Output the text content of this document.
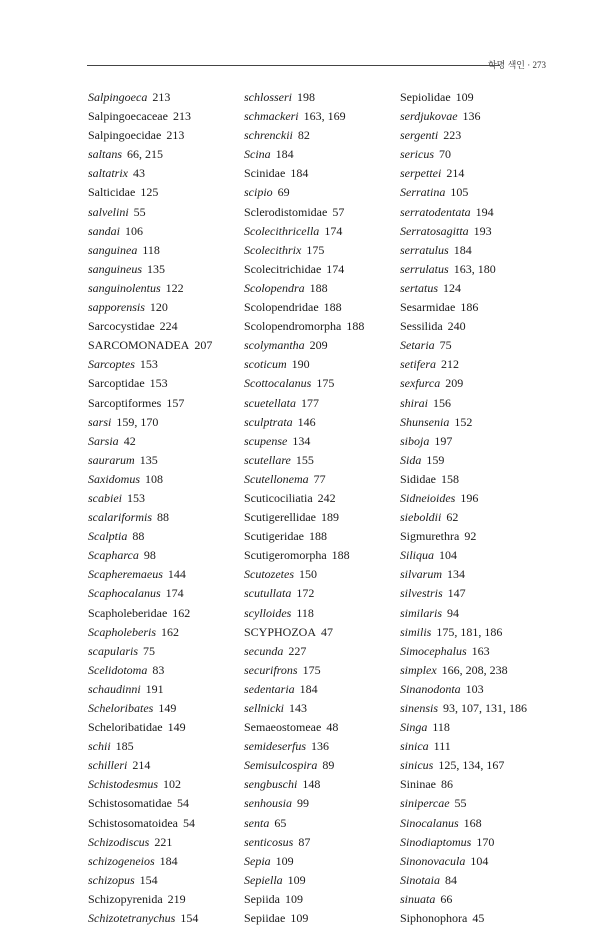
학명 색인 · 273
Salpingoeca 213
Salpingoecaceae 213
Salpingoecidae 213
saltans 66, 215
saltatrix 43
Salticidae 125
salvelini 55
sandai 106
sanguinea 118
sanguineus 135
sanguinolentus 122
sapporensis 120
Sarcocystidae 224
SARCOMONADEA 207
Sarcoptes 153
Sarcoptidae 153
Sarcoptiformes 157
sarsi 159, 170
Sarsia 42
saurarum 135
Saxidomus 108
scabiei 153
scalariformis 88
Scalptia 88
Scapharca 98
Scapheremaeus 144
Scaphocalanus 174
Scapholeberidae 162
Scapholeberis 162
scapularis 75
Scelidotoma 83
schaudinni 191
Scheloribates 149
Scheloribatidae 149
schii 185
schilleri 214
Schistodesmus 102
Schistosomatidae 54
Schistosomatoidea 54
Schizodiscus 221
schizogeneios 184
schizopus 154
Schizopyrenida 219
Schizotetranychus 154
schlosseri 198
schmackeri 163, 169
schrenckii 82
Scina 184
Scinidae 184
scipio 69
Sclerodistomidae 57
Scolecithricella 174
Scolecithrix 175
Scolecitrichidae 174
Scolopendra 188
Scolopendridae 188
Scolopendromorpha 188
scolymantha 209
scoticum 190
Scottocalanus 175
scuetellata 177
sculptrata 146
scupense 134
scutellare 155
Scutellonema 77
Scuticociliatia 242
Scutigerellidae 189
Scutigeridae 188
Scutigeromorpha 188
Scutozetes 150
scutullata 172
scylloides 118
SCYPHOZOA 47
secunda 227
securifrons 175
sedentaria 184
sellnicki 143
Semaeostomeae 48
semideserfus 136
Semisulcospira 89
sengbuschi 148
senhousia 99
senta 65
senticosus 87
Sepia 109
Sepiella 109
Sepiida 109
Sepiidae 109
Sepiolidae 109
serdjukovae 136
sergenti 223
sericus 70
serpettei 214
Serratina 105
serratodentata 194
Serratosagitta 193
serratulus 184
serrulatus 163, 180
sertatus 124
Sesarmidae 186
Sessilida 240
Setaria 75
setifera 212
sexfurca 209
shirai 156
Shunsenia 152
siboja 197
Sida 159
Sididae 158
Sidneioides 196
sieboldii 62
Sigmurethra 92
Siliqua 104
silvarum 134
silvestris 147
similaris 94
similis 175, 181, 186
Simocephalus 163
simplex 166, 208, 238
Sinanodonta 103
sinensis 93, 107, 131, 186
Singa 118
sinica 111
sinicus 125, 134, 167
Sininae 86
sinipercae 55
Sinocalanus 168
Sinodiaptomus 170
Sinonovacula 104
Sinotaia 84
sinuata 66
Siphonophora 45
